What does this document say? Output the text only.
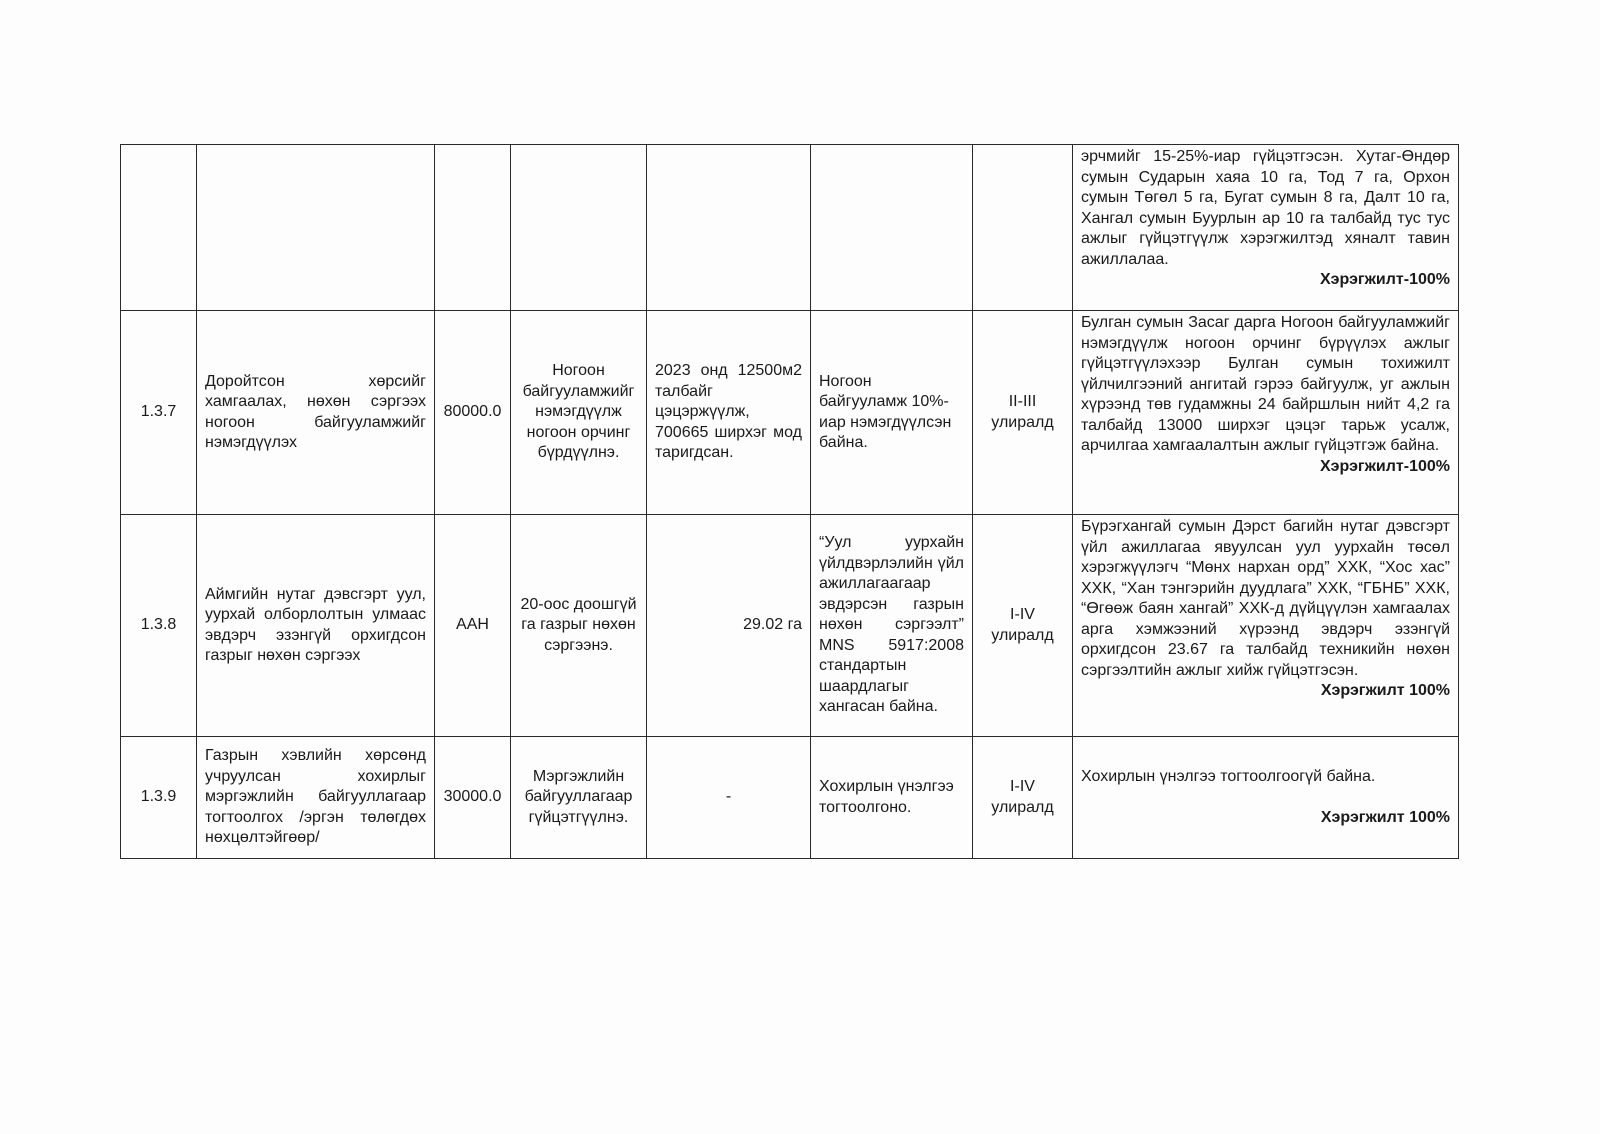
							эрчмийг 15-25%-иар гүйцэтгэсэн. Хутаг-Өндөр сумын Сударын хаяа 10 га, Тод 7 га, Орхон сумын Төгөл 5 га, Бугат сумын 8 га, Далт 10 га, Хангал сумын Буурлын ар 10 га талбайд тус тус ажлыг гүйцэтгүүлж хэрэгжилтэд хяналт тавин ажиллалаа.
Хэрэгжилт-100%

1.3.7	Доройтсон хөрсийг хамгаалах, нөхөн сэргээх ногоон байгууламжийг нэмэгдүүлэх	80000.0	Ногоон байгууламжийг нэмэгдүүлж ногоон орчинг бүрдүүлнэ.	2023 онд 12500м2 талбайг цэцэржүүлж, 700665 ширхэг мод таригдсан.	Ногоон байгууламж 10%-иар нэмэгдүүлсэн байна.	II-III улиралд	Булган сумын Засаг дарга Ногоон байгууламжийг нэмэгдүүлж ногоон орчинг бүрүүлэх ажлыг гүйцэтгүүлэхээр Булган сумын тохижилт үйлчилгээний ангитай гэрээ байгуулж, уг ажлын хүрээнд төв гудамжны 24 байршлын нийт 4,2 га талбайд 13000 ширхэг цэцэг тарьж усалж, арчилгаа хамгаалалтын ажлыг гүйцэтгэж байна.
Хэрэгжилт-100%

1.3.8	Аймгийн нутаг дэвсгэрт уул, уурхай олборлолтын улмаас эвдэрч эзэнгүй орхигдсон газрыг нөхөн сэргээх	ААН	20-оос доошгүй га газрыг нөхөн сэргээнэ.	29.02 га	“Уул уурхайн үйлдвэрлэлийн үйл ажиллагаагаар эвдэрсэн газрын нөхөн сэргээлт” MNS 5917:2008 стандартын шаардлагыг хангасан байна.	I-IV улиралд	Бүрэгхангай сумын Дэрст багийн нутаг дэвсгэрт үйл ажиллагаа явуулсан уул уурхайн төсөл хэрэгжүүлэгч “Мөнх нархан орд” ХХК, “Хос хас” ХХК, “Хан тэнгэрийн дуудлага” ХХК, “ГБНБ” ХХК, “Өгөөж баян хангай” ХХК-д дүйцүүлэн хамгаалах арга хэмжээний хүрээнд эвдэрч эзэнгүй орхигдсон 23.67 га талбайд техникийн нөхөн сэргээлтийн ажлыг хийж гүйцэтгэсэн.
Хэрэгжилт 100%

1.3.9	Газрын хэвлийн хөрсөнд учруулсан хохирлыг мэргэжлийн байгууллагаар тогтоолгох /эргэн төлөгдөх нөхцөлтэйгөөр/	30000.0	Мэргэжлийн байгууллагаар гүйцэтгүүлнэ.	-	Хохирлын үнэлгээ тогтоолгоно.	I-IV улиралд	Хохирлын үнэлгээ тогтоолгоогүй байна.
Хэрэгжилт 100%
